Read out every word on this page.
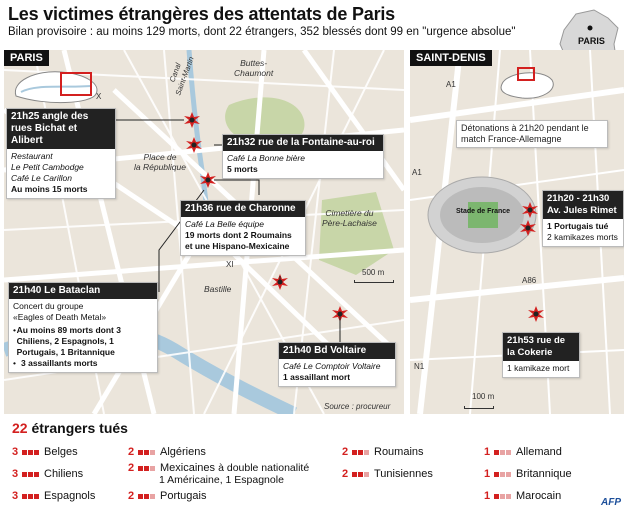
Les victimes étrangères des attentats de Paris
Bilan provisoire : au moins 129 morts, dont 22 étrangers, 352 blessés dont 99 en "urgence absolue"
PARIS
X
XI
Buttes-
Chaumont
Canal
Saint-Martin
Place de
la République
Cimetière du
Père-Lachaise
Bastille
500 m
Source : procureur
21h25 angle des rues Bichat et Alibert
Restaurant
Le Petit Cambodge
Café Le Carillon
Au moins 15 morts
21h32 rue de la Fontaine-au-roi
Café La Bonne bière
5 morts
21h36 rue de Charonne
Café La Belle équipe
19 morts dont 2 Roumains et une Hispano-Mexicaine
21h40 Le Bataclan
Concert du groupe
«Eagles of Death Metal»
• Au moins 89 morts dont 3 Chiliens, 2 Espagnols, 1 Portugais, 1 Britannique
• 3 assaillants morts
21h40 Bd Voltaire
Café Le Comptoir Voltaire
1 assaillant mort
PARIS
SAINT-DENIS
A1
A1
A86
N1
Stade de France
100 m
Détonations à 21h20 pendant le match France-Allemagne
21h20 - 21h30 Av. Jules Rimet
1 Portugais tué
2 kamikazes morts
21h53 rue de la Cokerie
1 kamikaze mort
22 étrangers tués
3 Belges
3 Chiliens
3 Espagnols
2 Algériens
2 Mexicaines à double nationalité
1 Américaine, 1 Espagnole
2 Portugais
2 Roumains
2 Tunisiennes
1 Allemand
1 Britannique
1 Marocain
AFP
